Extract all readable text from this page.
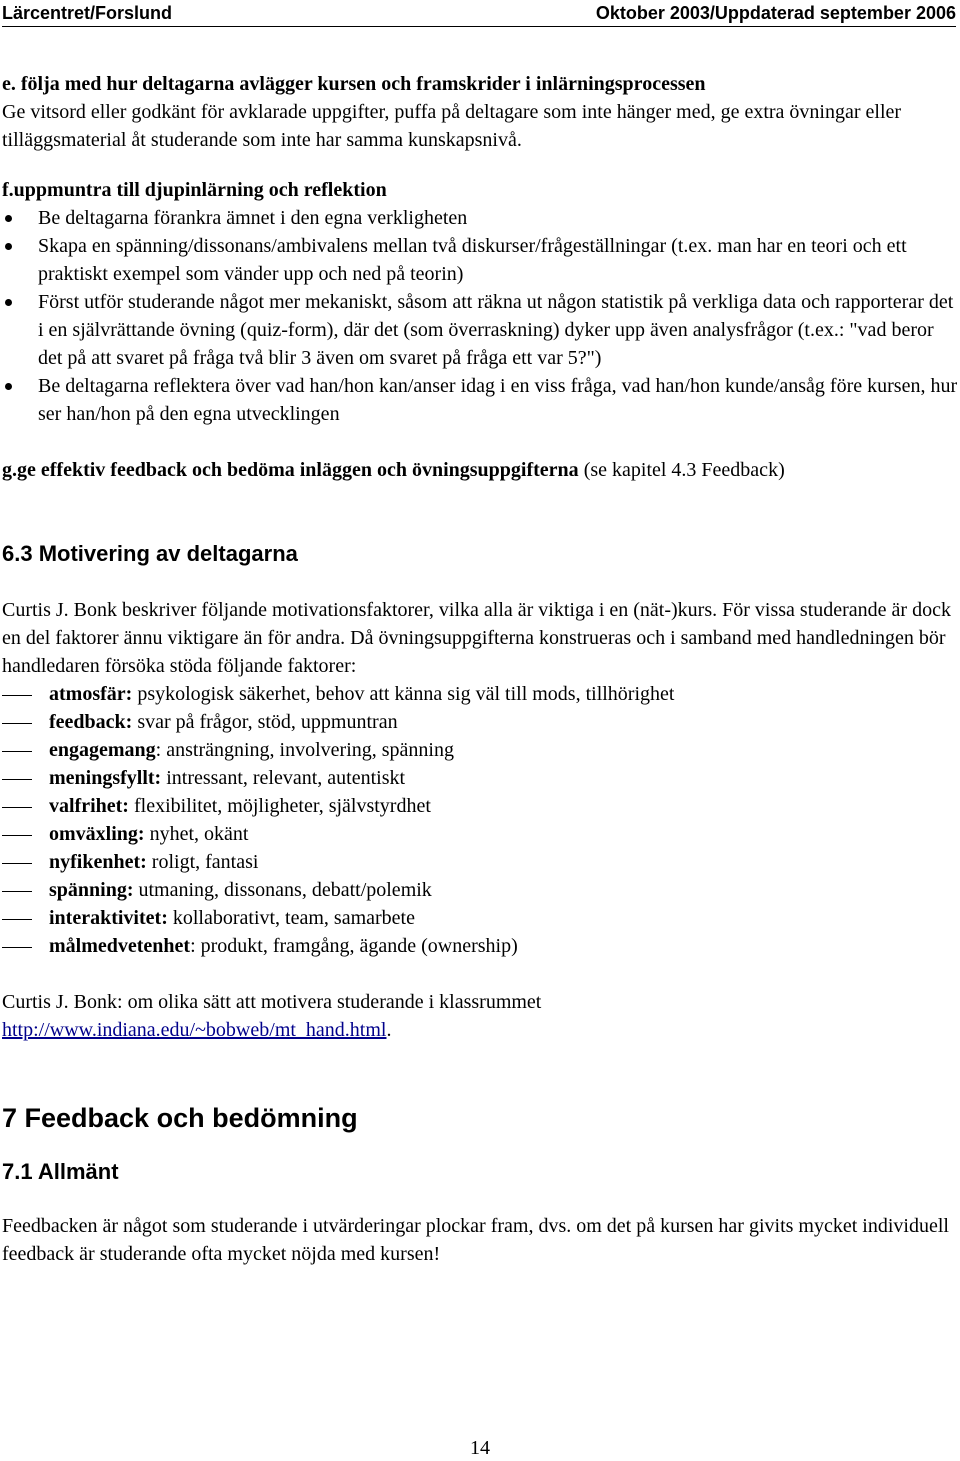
Lärcentret/Forslund	Oktober 2003/Uppdaterad september 2006

e. följa med hur deltagarna avlägger kursen och framskrider i inlärningsprocessen

Ge vitsord eller godkänt för avklarade uppgifter, puffa på deltagare som inte hänger med, ge extra övningar eller tilläggsmaterial åt studerande som inte har samma kunskapsnivå.

f.uppmuntra till djupinlärning och reflektion

Be deltagarna förankra ämnet i den egna verkligheten
Skapa en spänning/dissonans/ambivalens mellan två diskurser/frågeställningar (t.ex. man har en teori och ett praktiskt exempel som vänder upp och ned på teorin)
Först utför studerande något mer mekaniskt, såsom att räkna ut någon statistik på verkliga data och rapporterar det i en självrättande övning (quiz-form), där det (som överraskning) dyker upp även analysfrågor (t.ex.: "vad beror det på att svaret på fråga två blir 3 även om svaret på fråga ett var 5?")
Be deltagarna reflektera över vad han/hon kan/anser idag i en viss fråga, vad han/hon kunde/ansåg före kursen, hur ser han/hon på den egna utvecklingen

g.ge effektiv feedback och bedöma inläggen och övningsuppgifterna (se kapitel 4.3 Feedback)

6.3 Motivering av deltagarna

Curtis J. Bonk beskriver följande motivationsfaktorer, vilka alla är viktiga i en (nät-)kurs. För vissa studerande är dock en del faktorer ännu viktigare än för andra. Då övningsuppgifterna konstrueras och i samband med handledningen bör handledaren försöka stöda följande faktorer:

atmosfär: psykologisk säkerhet, behov att känna sig väl till mods, tillhörighet
feedback: svar på frågor, stöd, uppmuntran
engagemang: ansträngning, involvering, spänning
meningsfyllt: intressant, relevant, autentiskt
valfrihet: flexibilitet, möjligheter, självstyrdhet
omväxling: nyhet, okänt
nyfikenhet: roligt, fantasi
spänning: utmaning, dissonans, debatt/polemik
interaktivitet: kollaborativt, team, samarbete
målmedvetenhet: produkt, framgång, ägande (ownership)

Curtis J. Bonk: om olika sätt att motivera studerande i klassrummet

http://www.indiana.edu/~bobweb/mt_hand.html.

7 Feedback och bedömning

7.1 Allmänt

Feedbacken är något som studerande i utvärderingar plockar fram, dvs. om det på kursen har givits mycket individuell feedback är studerande ofta mycket nöjda med kursen!

14
